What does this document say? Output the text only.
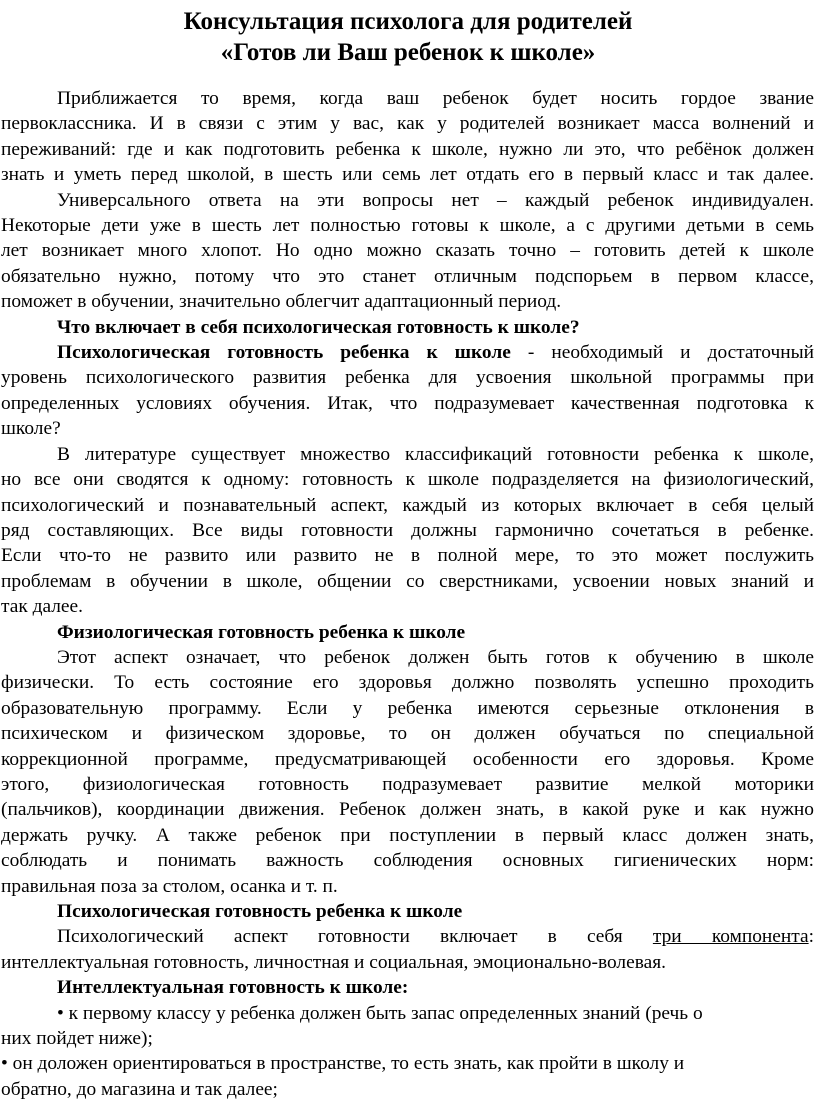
Консультация психолога для родителей
«Готов ли Ваш ребенок к школе»
Приближается то время, когда ваш ребенок будет носить гордое звание
первоклассника. И в связи с этим у вас, как у родителей возникает масса волнений и
переживаний: где и как подготовить ребенка к школе, нужно ли это, что ребёнок должен
знать и уметь перед школой, в шесть или семь лет отдать его в первый класс и так далее.
Универсального ответа на эти вопросы нет – каждый ребенок индивидуален.
Некоторые дети уже в шесть лет полностью готовы к школе, а с другими детьми в семь
лет возникает много хлопот. Но одно можно сказать точно – готовить детей к школе
обязательно нужно, потому что это станет отличным подспорьем в первом классе,
поможет в обучении, значительно облегчит адаптационный период.
Что включает в себя психологическая готовность к школе?
Психологическая готовность ребенка к школе - необходимый и достаточный
уровень психологического развития ребенка для усвоения школьной программы при
определенных условиях обучения. Итак, что подразумевает качественная подготовка к
школе?
В литературе существует множество классификаций готовности ребенка к школе,
но все они сводятся к одному: готовность к школе подразделяется на физиологический,
психологический и познавательный аспект, каждый из которых включает в себя целый
ряд составляющих. Все виды готовности должны гармонично сочетаться в ребенке.
Если что-то не развито или развито не в полной мере, то это может послужить
проблемам в обучении в школе, общении со сверстниками, усвоении новых знаний и
так далее.
Физиологическая готовность ребенка к школе
Этот аспект означает, что ребенок должен быть готов к обучению в школе
физически. То есть состояние его здоровья должно позволять успешно проходить
образовательную программу. Если у ребенка имеются серьезные отклонения в
психическом и физическом здоровье, то он должен обучаться по специальной
коррекционной программе, предусматривающей особенности его здоровья. Кроме
этого, физиологическая готовность подразумевает развитие мелкой моторики
(пальчиков), координации движения. Ребенок должен знать, в какой руке и как нужно
держать ручку. А также ребенок при поступлении в первый класс должен знать,
соблюдать и понимать важность соблюдения основных гигиенических норм:
правильная поза за столом, осанка и т. п.
Психологическая готовность ребенка к школе
Психологический аспект готовности включает в себя три компонента:
интеллектуальная готовность, личностная и социальная, эмоционально-волевая.
Интеллектуальная готовность к школе:
• к первому классу у ребенка должен быть запас определенных знаний (речь о
них пойдет ниже);
• он доложен ориентироваться в пространстве, то есть знать, как пройти в школу и
обратно, до магазина и так далее;
